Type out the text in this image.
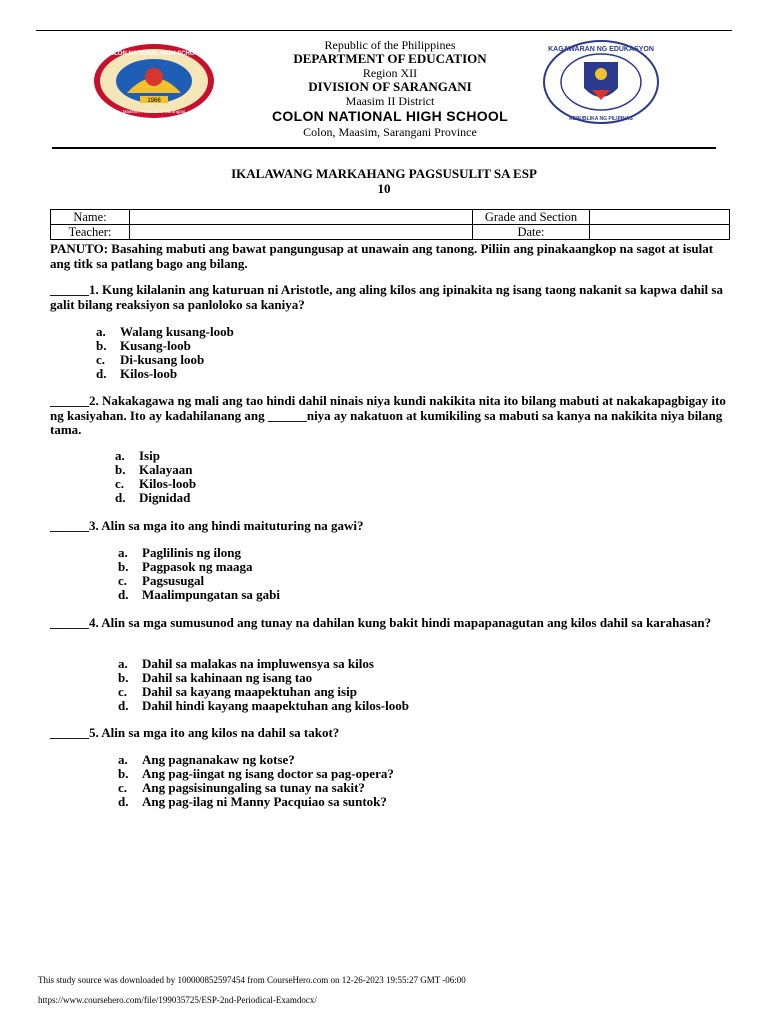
1966
COLON NATIONAL HIGH SCHOOL
Maasim, Province of Sarangani
Republic of the Philippines
DEPARTMENT OF EDUCATION
Region XII
DIVISION OF SARANGANI
Maasim II District
COLON NATIONAL HIGH SCHOOL
Colon, Maasim, Sarangani Province
KAGAWARAN NG EDUKASYON
REPUBLIKA NG PILIPINAS
IKALAWANG MARKAHANG PAGSUSULIT SA ESP
10
Name:		Grade and Section	
Teacher:		Date:	
PANUTO: Basahing mabuti ang bawat pangungusap at unawain ang tanong. Piliin ang pinakaangkop na sagot at isulat ang titk sa patlang bago ang bilang.
______1. Kung kilalanin ang katuruan ni Aristotle, ang aling kilos ang ipinakita ng isang taong nakanit sa kapwa dahil sa galit bilang reaksiyon sa panloloko sa kaniya?
a. Walang kusang-loob
b. Kusang-loob
c. Di-kusang loob
d. Kilos-loob
______2. Nakakagawa ng mali ang tao hindi dahil ninais niya kundi nakikita nita ito bilang mabuti at nakakapagbigay ito ng kasiyahan. Ito ay kadahilanang ang ______niya ay nakatuon at kumikiling sa mabuti sa kanya na nakikita niya bilang tama.
a. Isip
b. Kalayaan
c. Kilos-loob
d. Dignidad
______3. Alin sa mga ito ang hindi maituturing na gawi?
a. Paglilinis ng ilong
b. Pagpasok ng maaga
c. Pagsusugal
d. Maalimpungatan sa gabi
______4. Alin sa mga sumusunod ang tunay na dahilan kung bakit hindi mapapanagutan ang kilos dahil sa karahasan?
a. Dahil sa malakas na impluwensya sa kilos
b. Dahil sa kahinaan ng isang tao
c. Dahil sa kayang maapektuhan ang isip
d. Dahil hindi kayang maapektuhan ang kilos-loob
______5. Alin sa mga ito ang kilos na dahil sa takot?
a. Ang pagnanakaw ng kotse?
b. Ang pag-iingat ng isang doctor sa pag-opera?
c. Ang pagsisinungaling sa tunay na sakit?
d. Ang pag-ilag ni Manny Pacquiao sa suntok?
This study source was downloaded by 100000852597454 from CourseHero.com on 12-26-2023 19:55:27 GMT -06:00
https://www.coursehero.com/file/199035725/ESP-2nd-Periodical-Examdocx/
